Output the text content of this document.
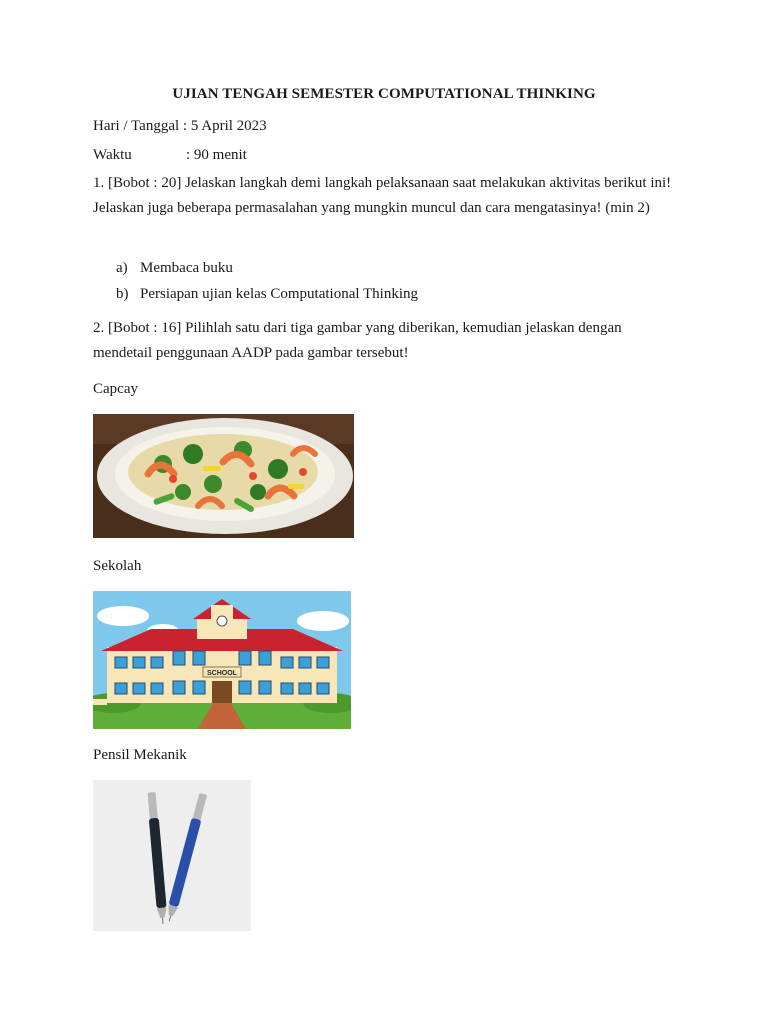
UJIAN TENGAH SEMESTER COMPUTATIONAL THINKING
Hari / Tanggal : 5 April 2023
Waktu	: 90 menit
1. [Bobot : 20] Jelaskan langkah demi langkah pelaksanaan saat melakukan aktivitas berikut ini! Jelaskan juga beberapa permasalahan yang mungkin muncul dan cara mengatasinya! (min 2)
a) Membaca buku
b) Persiapan ujian kelas Computational Thinking
2. [Bobot : 16] Pilihlah satu dari tiga gambar yang diberikan, kemudian jelaskan dengan mendetail penggunaan AADP pada gambar tersebut!
Capcay
Sekolah
SCHOOL
Pensil Mekanik
